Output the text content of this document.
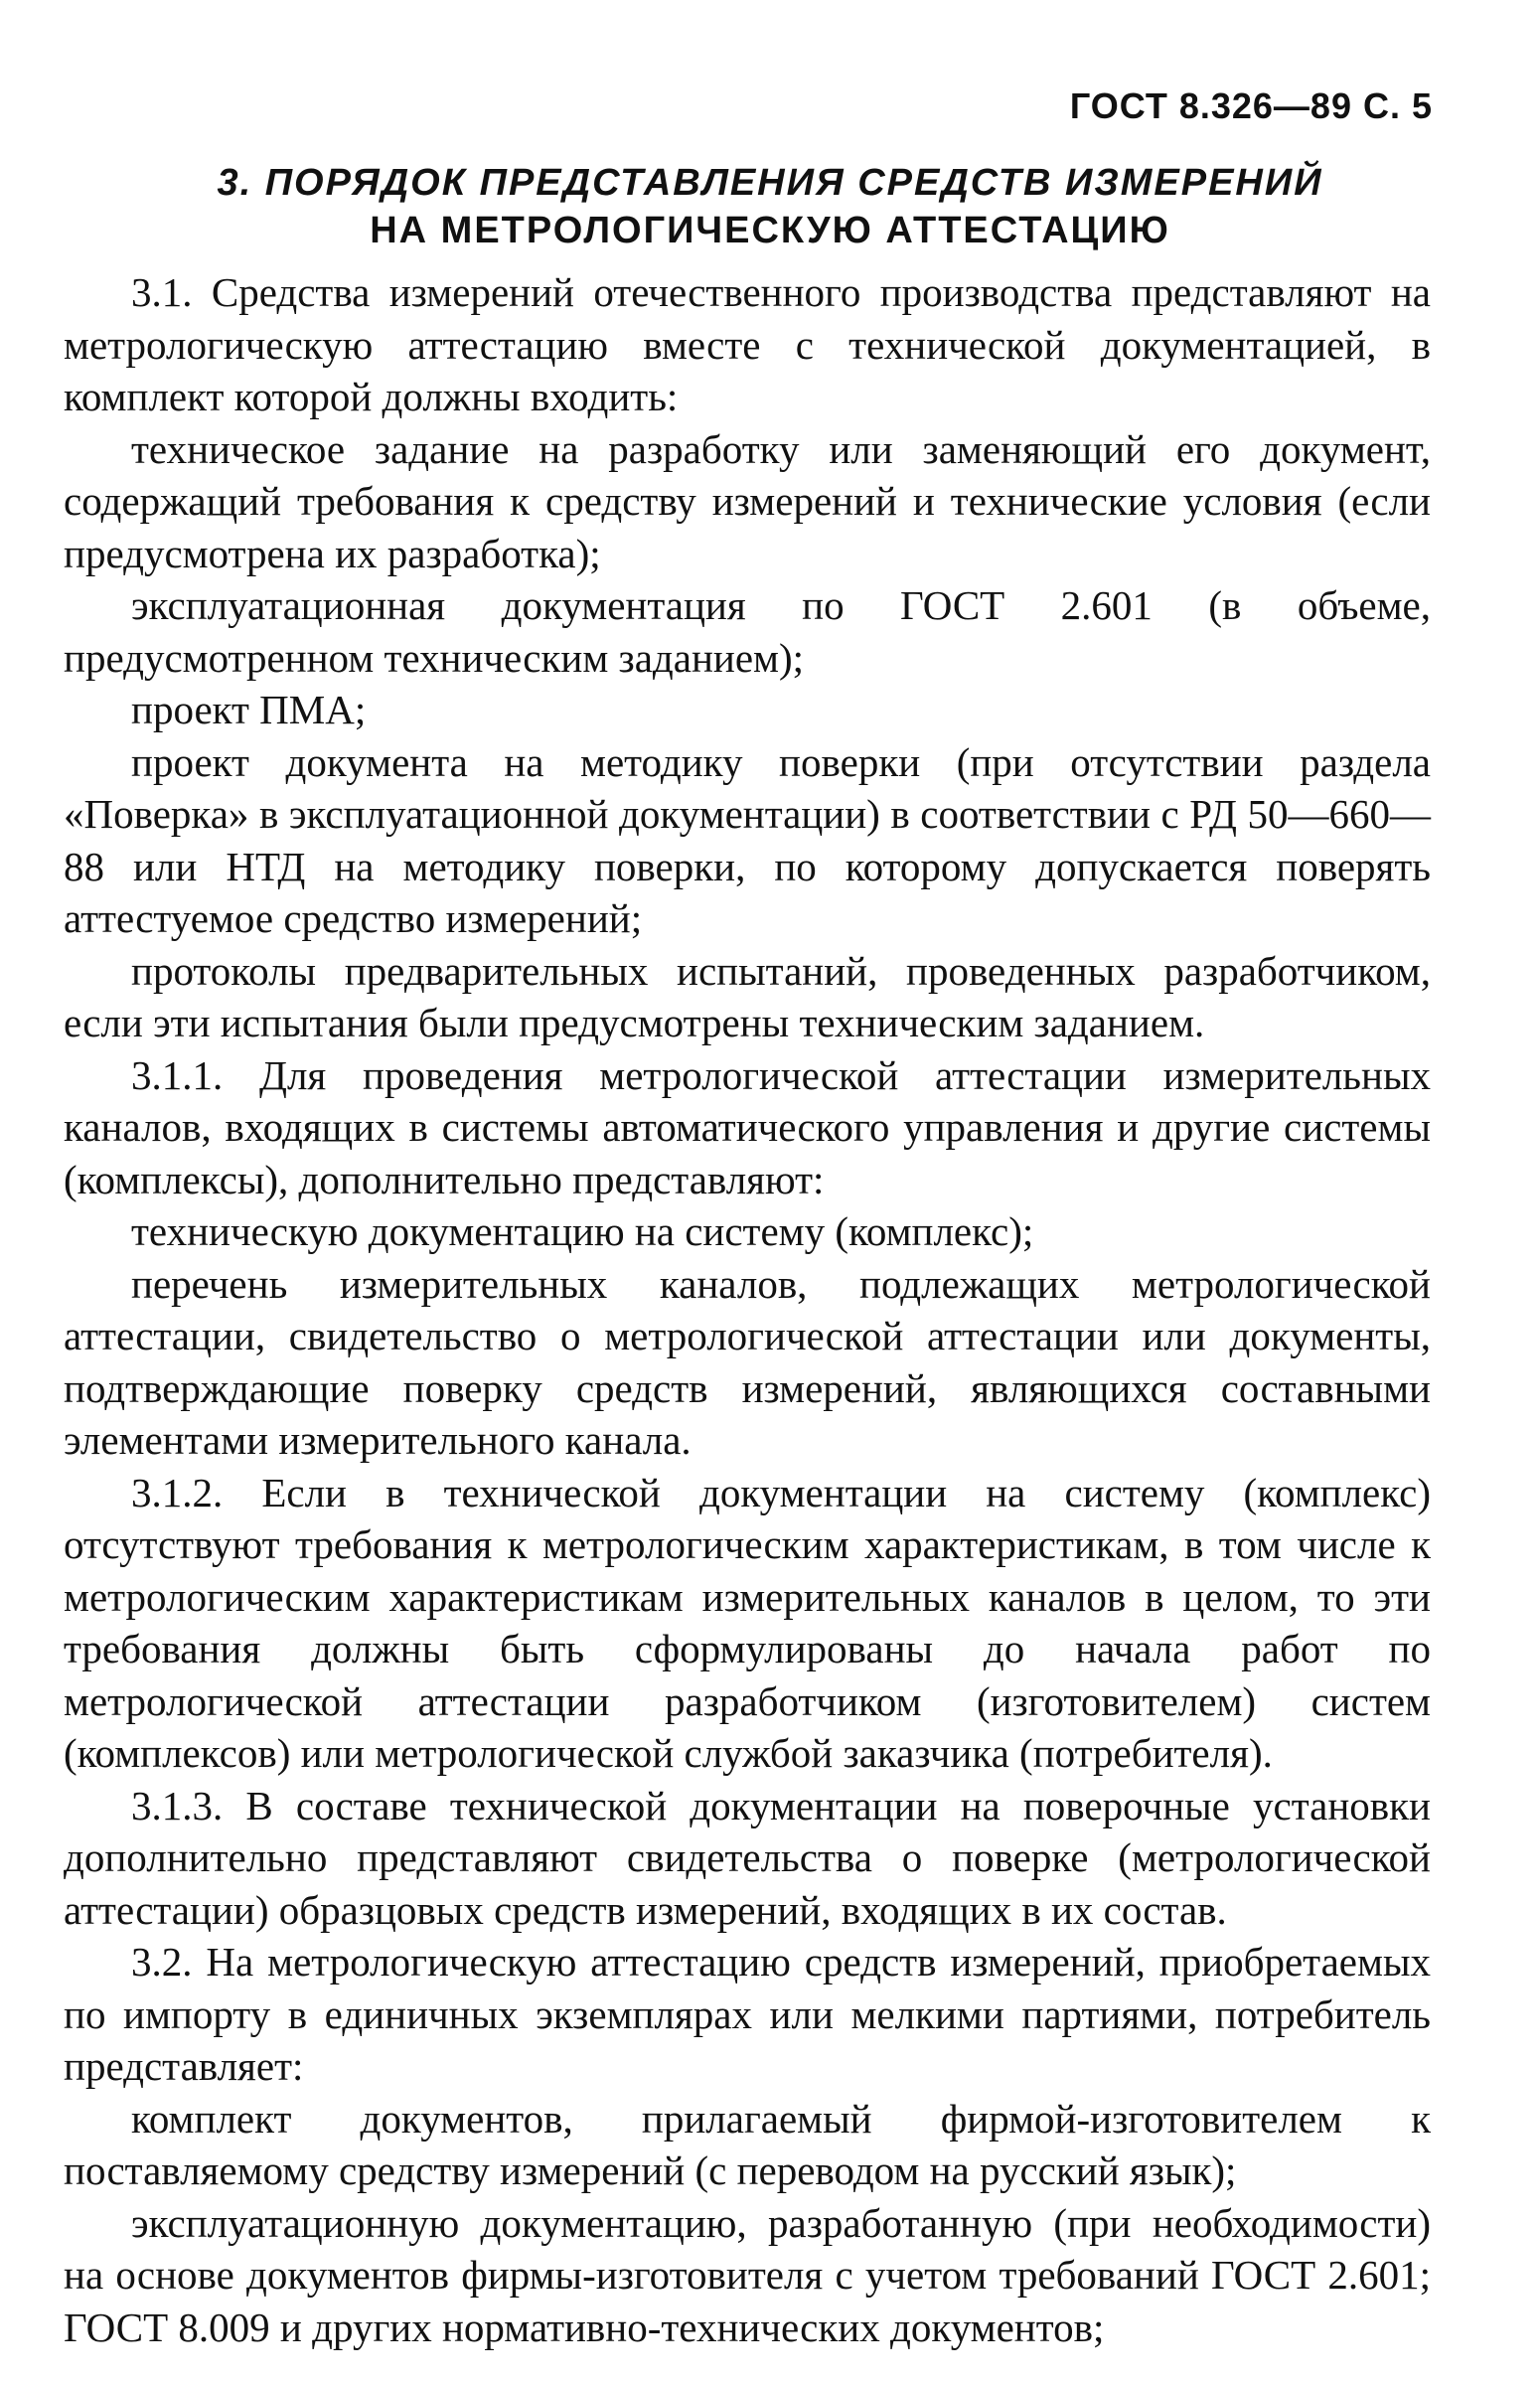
ГОСТ 8.326—89 С. 5
3. ПОРЯДОК ПРЕДСТАВЛЕНИЯ СРЕДСТВ ИЗМЕРЕНИЙ
НА МЕТРОЛОГИЧЕСКУЮ АТТЕСТАЦИЮ

3.1. Средства измерений отечественного производства представляют на метрологическую аттестацию вместе с технической документацией, в комплект которой должны входить:

техническое задание на разработку или заменяющий его документ, содержащий требования к средству измерений и технические условия (если предусмотрена их разработка);

эксплуатационная документация по ГОСТ 2.601 (в объеме, предусмотренном техническим заданием);

проект ПМА;

проект документа на методику поверки (при отсутствии раздела «Поверка» в эксплуатационной документации) в соответствии с РД 50—660—88 или НТД на методику поверки, по которому допускается поверять аттестуемое средство измерений;

протоколы предварительных испытаний, проведенных разработчиком, если эти испытания были предусмотрены техническим заданием.

3.1.1. Для проведения метрологической аттестации измерительных каналов, входящих в системы автоматического управления и другие системы (комплексы), дополнительно представляют:

техническую документацию на систему (комплекс);

перечень измерительных каналов, подлежащих метрологической аттестации, свидетельство о метрологической аттестации или документы, подтверждающие поверку средств измерений, являющихся составными элементами измерительного канала.

3.1.2. Если в технической документации на систему (комплекс) отсутствуют требования к метрологическим характеристикам, в том числе к метрологическим характеристикам измерительных каналов в целом, то эти требования должны быть сформулированы до начала работ по метрологической аттестации разработчиком (изготовителем) систем (комплексов) или метрологической службой заказчика (потребителя).

3.1.3. В составе технической документации на поверочные установки дополнительно представляют свидетельства о поверке (метрологической аттестации) образцовых средств измерений, входящих в их состав.

3.2. На метрологическую аттестацию средств измерений, приобретаемых по импорту в единичных экземплярах или мелкими партиями, потребитель представляет:

комплект документов, прилагаемый фирмой-изготовителем к поставляемому средству измерений (с переводом на русский язык);

эксплуатационную документацию, разработанную (при необходимости) на основе документов фирмы-изготовителя с учетом требований ГОСТ 2.601; ГОСТ 8.009 и других нормативно-технических документов;
